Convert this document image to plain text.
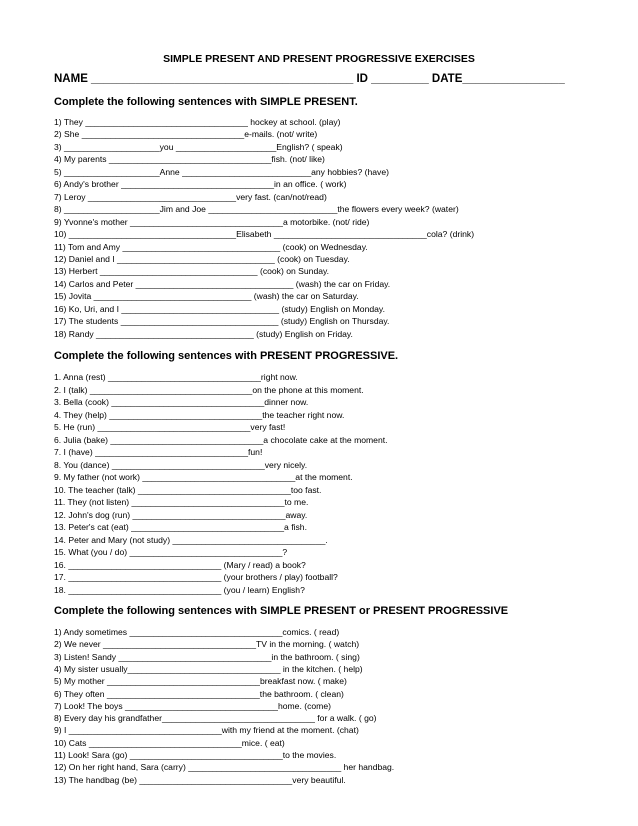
SIMPLE PRESENT AND PRESENT PROGRESSIVE EXERCISES
NAME _________________________________________ ID _________ DATE________________
Complete the following sentences with SIMPLE PRESENT.
1) They __________________________________ hockey at school. (play)
2) She __________________________________e-mails. (not/ write)
3) ____________________you _____________________English? ( speak)
4) My parents __________________________________fish. (not/ like)
5) ____________________Anne ___________________________any hobbies? (have)
6) Andy's brother ________________________________in an office. ( work)
7) Leroy _______________________________very fast. (can/not/read)
8) ____________________Jim and Joe ___________________________the flowers every week? (water)
9) Yvonne's mother ________________________________a motorbike. (not/ ride)
10) ___________________________________Elisabeth ________________________________cola? (drink)
11) Tom and Amy _________________________________ (cook) on Wednesday.
12) Daniel and I _________________________________ (cook) on Tuesday.
13) Herbert _________________________________ (cook) on Sunday.
14) Carlos and Peter _________________________________ (wash) the car on Friday.
15) Jovita _________________________________ (wash) the car on Saturday.
16) Ko, Uri, and I _________________________________ (study) English on Monday.
17) The students _________________________________ (study) English on Thursday.
18) Randy _________________________________ (study) English on Friday.
Complete the following sentences with PRESENT PROGRESSIVE.
1. Anna (rest) ________________________________right now.
2. I (talk) __________________________________on the phone at this moment.
3. Bella (cook) ________________________________dinner now.
4. They (help) ________________________________the teacher right now.
5. He (run) ________________________________very fast!
6. Julia (bake) ________________________________a chocolate cake at the moment.
7. I (have) ________________________________fun!
8. You (dance) ________________________________very nicely.
9. My father (not work) ________________________________at the moment.
10. The teacher (talk) ________________________________too fast.
11. They (not listen) ________________________________to me.
12. John's dog (run) ________________________________away.
13. Peter's cat (eat) ________________________________a fish.
14. Peter and Mary (not study) ________________________________.
15. What (you / do) ________________________________?
16. ________________________________ (Mary / read) a book?
17. ________________________________ (your brothers / play) football?
18. ________________________________ (you / learn) English?
Complete the following sentences with SIMPLE PRESENT or PRESENT PROGRESSIVE
1) Andy sometimes ________________________________comics. ( read)
2) We never ________________________________TV in the morning. ( watch)
3) Listen! Sandy ________________________________in the bathroom. ( sing)
4) My sister usually________________________________ in the kitchen. ( help)
5) My mother ________________________________breakfast now. ( make)
6) They often ________________________________the bathroom. ( clean)
7) Look! The boys ________________________________home. (come)
8) Every day his grandfather________________________________ for a walk. ( go)
9) I ________________________________with my friend at the moment. (chat)
10) Cats ________________________________mice. ( eat)
11) Look! Sara (go) ________________________________to the movies.
12) On her right hand, Sara (carry) ________________________________ her handbag.
13) The handbag (be) ________________________________very beautiful.
